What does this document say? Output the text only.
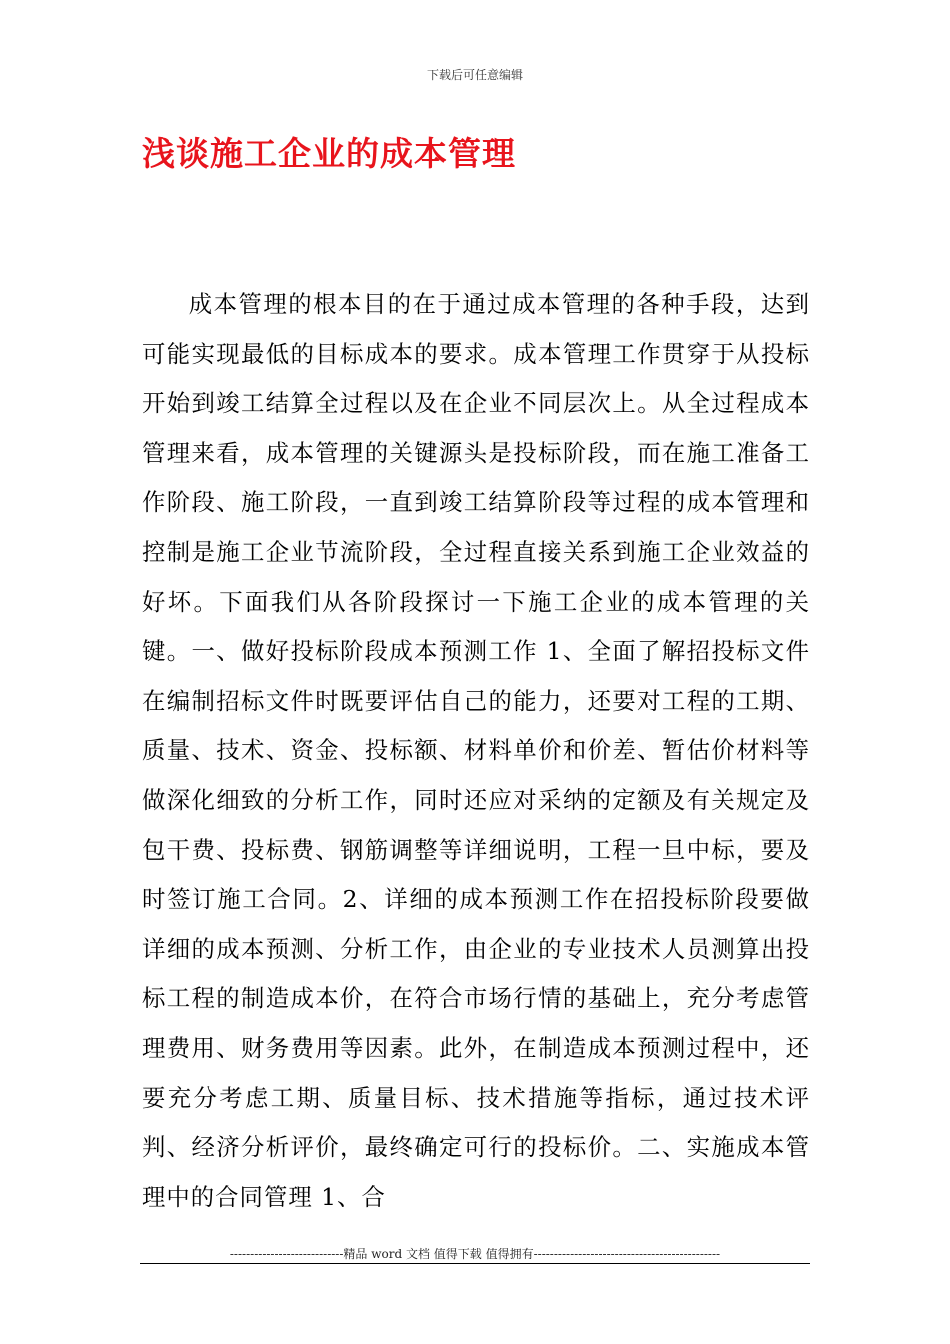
下载后可任意编辑
浅谈施工企业的成本管理

成本管理的根本目的在于通过成本管理的各种手段，达到可能实现最低的目标成本的要求。成本管理工作贯穿于从投标开始到竣工结算全过程以及在企业不同层次上。从全过程成本管理来看，成本管理的关键源头是投标阶段，而在施工准备工作阶段、施工阶段，一直到竣工结算阶段等过程的成本管理和控制是施工企业节流阶段，全过程直接关系到施工企业效益的好坏。下面我们从各阶段探讨一下施工企业的成本管理的关键。一、做好投标阶段成本预测工作 1、全面了解招投标文件在编制招标文件时既要评估自己的能力，还要对工程的工期、质量、技术、资金、投标额、材料单价和价差、暂估价材料等做深化细致的分析工作，同时还应对采纳的定额及有关规定及包干费、投标费、钢筋调整等详细说明，工程一旦中标，要及时签订施工合同。2、详细的成本预测工作在招投标阶段要做详细的成本预测、分析工作，由企业的专业技术人员测算出投标工程的制造成本价，在符合市场行情的基础上，充分考虑管理费用、财务费用等因素。此外，在制造成本预测过程中，还要充分考虑工期、质量目标、技术措施等指标，通过技术评判、经济分析评价，最终确定可行的投标价。二、实施成本管理中的合同管理 1、合

----------------------------精品 word 文档 值得下载 值得拥有----------------------------------------------
